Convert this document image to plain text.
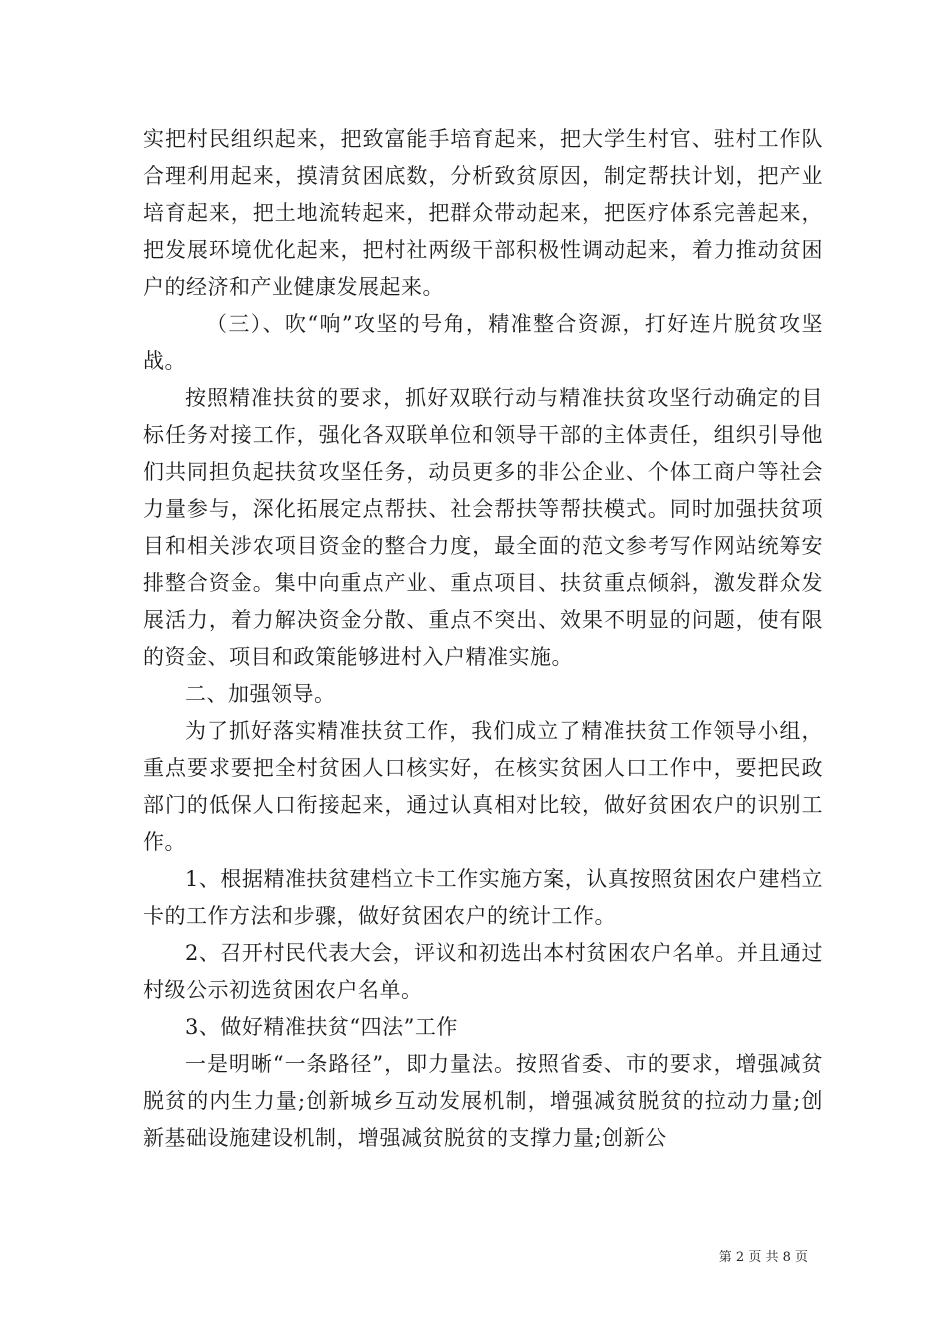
实把村民组织起来，把致富能手培育起来，把大学生村官、驻村工作队合理利用起来，摸清贫困底数，分析致贫原因，制定帮扶计划，把产业培育起来，把土地流转起来，把群众带动起来，把医疗体系完善起来，把发展环境优化起来，把村社两级干部积极性调动起来，着力推动贫困户的经济和产业健康发展起来。

（三）、吹“响”攻坚的号角，精准整合资源，打好连片脱贫攻坚战。

按照精准扶贫的要求，抓好双联行动与精准扶贫攻坚行动确定的目标任务对接工作，强化各双联单位和领导干部的主体责任，组织引导他们共同担负起扶贫攻坚任务，动员更多的非公企业、个体工商户等社会力量参与，深化拓展定点帮扶、社会帮扶等帮扶模式。同时加强扶贫项目和相关涉农项目资金的整合力度，最全面的范文参考写作网站统筹安排整合资金。集中向重点产业、重点项目、扶贫重点倾斜，激发群众发展活力，着力解决资金分散、重点不突出、效果不明显的问题，使有限的资金、项目和政策能够进村入户精准实施。

二、加强领导。

为了抓好落实精准扶贫工作，我们成立了精准扶贫工作领导小组，重点要求要把全村贫困人口核实好，在核实贫困人口工作中，要把民政部门的低保人口衔接起来，通过认真相对比较，做好贫困农户的识别工作。

1、根据精准扶贫建档立卡工作实施方案，认真按照贫困农户建档立卡的工作方法和步骤，做好贫困农户的统计工作。

2、召开村民代表大会，评议和初选出本村贫困农户名单。并且通过村级公示初选贫困农户名单。

3、做好精准扶贫“四法”工作

一是明晰“一条路径”，即力量法。按照省委、市的要求，增强减贫脱贫的内生力量;创新城乡互动发展机制，增强减贫脱贫的拉动力量;创新基础设施建设机制，增强减贫脱贫的支撑力量;创新公

第 2 页 共 8 页
